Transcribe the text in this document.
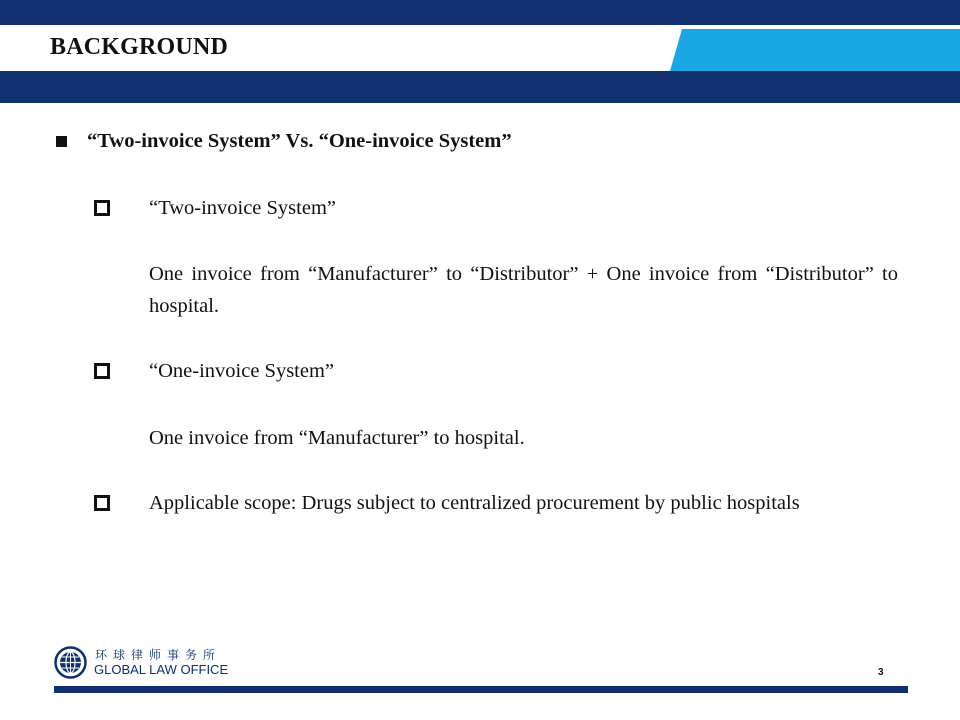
BACKGROUND
“Two-invoice System” Vs. “One-invoice System”
“Two-invoice System”
One invoice from “Manufacturer” to “Distributor” + One invoice from “Distributor” to hospital.
“One-invoice System”
One invoice from “Manufacturer” to hospital.
Applicable scope: Drugs subject to centralized procurement by public hospitals
环球律师事务所
GLOBAL LAW OFFICE	3
